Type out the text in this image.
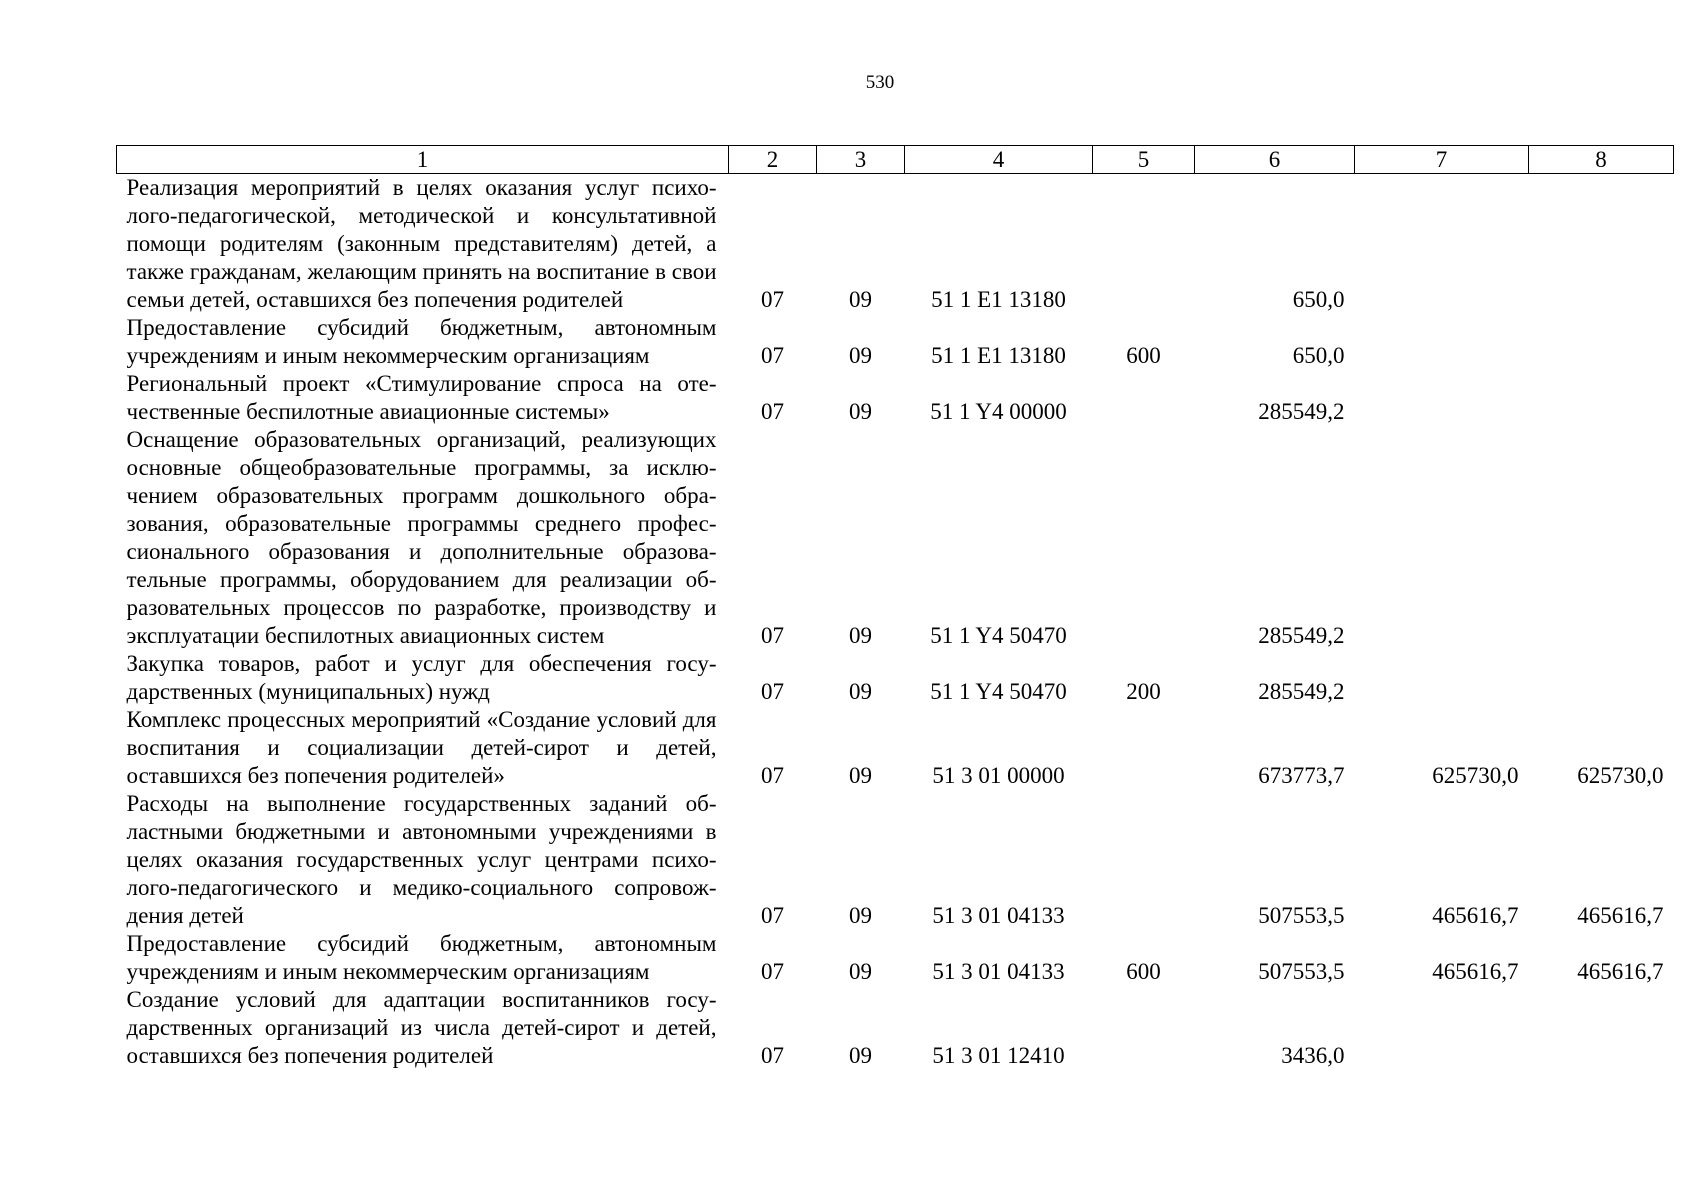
530
1	2	3	4	5	6	7	8
Реализация мероприятий в целях оказания услуг психо-лого-педагогической, методической и консультативной помощи родителям (законным представителям) детей, а также гражданам, желающим принять на воспитание в свои семьи детей, оставшихся без попечения родителей	07	09	51 1 E1 13180		650,0		
Предоставление субсидий бюджетным, автономным учреждениям и иным некоммерческим организациям	07	09	51 1 E1 13180	600	650,0		
Региональный проект «Стимулирование спроса на оте-чественные беспилотные авиационные системы»	07	09	51 1 Y4 00000		285549,2		
Оснащение образовательных организаций, реализующих основные общеобразовательные программы, за исклю-чением образовательных программ дошкольного обра-зования, образовательные программы среднего профес-сионального образования и дополнительные образова-тельные программы, оборудованием для реализации об-разовательных процессов по разработке, производству и эксплуатации беспилотных авиационных систем	07	09	51 1 Y4 50470		285549,2		
Закупка товаров, работ и услуг для обеспечения госу-дарственных (муниципальных) нужд	07	09	51 1 Y4 50470	200	285549,2		
Комплекс процессных мероприятий «Создание условий для воспитания и социализации детей-сирот и детей, оставшихся без попечения родителей»	07	09	51 3 01 00000		673773,7	625730,0	625730,0
Расходы на выполнение государственных заданий об-ластными бюджетными и автономными учреждениями в целях оказания государственных услуг центрами психо-лого-педагогического и медико-социального сопровож-дения детей	07	09	51 3 01 04133		507553,5	465616,7	465616,7
Предоставление субсидий бюджетным, автономным учреждениям и иным некоммерческим организациям	07	09	51 3 01 04133	600	507553,5	465616,7	465616,7
Создание условий для адаптации воспитанников госу-дарственных организаций из числа детей-сирот и детей, оставшихся без попечения родителей	07	09	51 3 01 12410		3436,0		
